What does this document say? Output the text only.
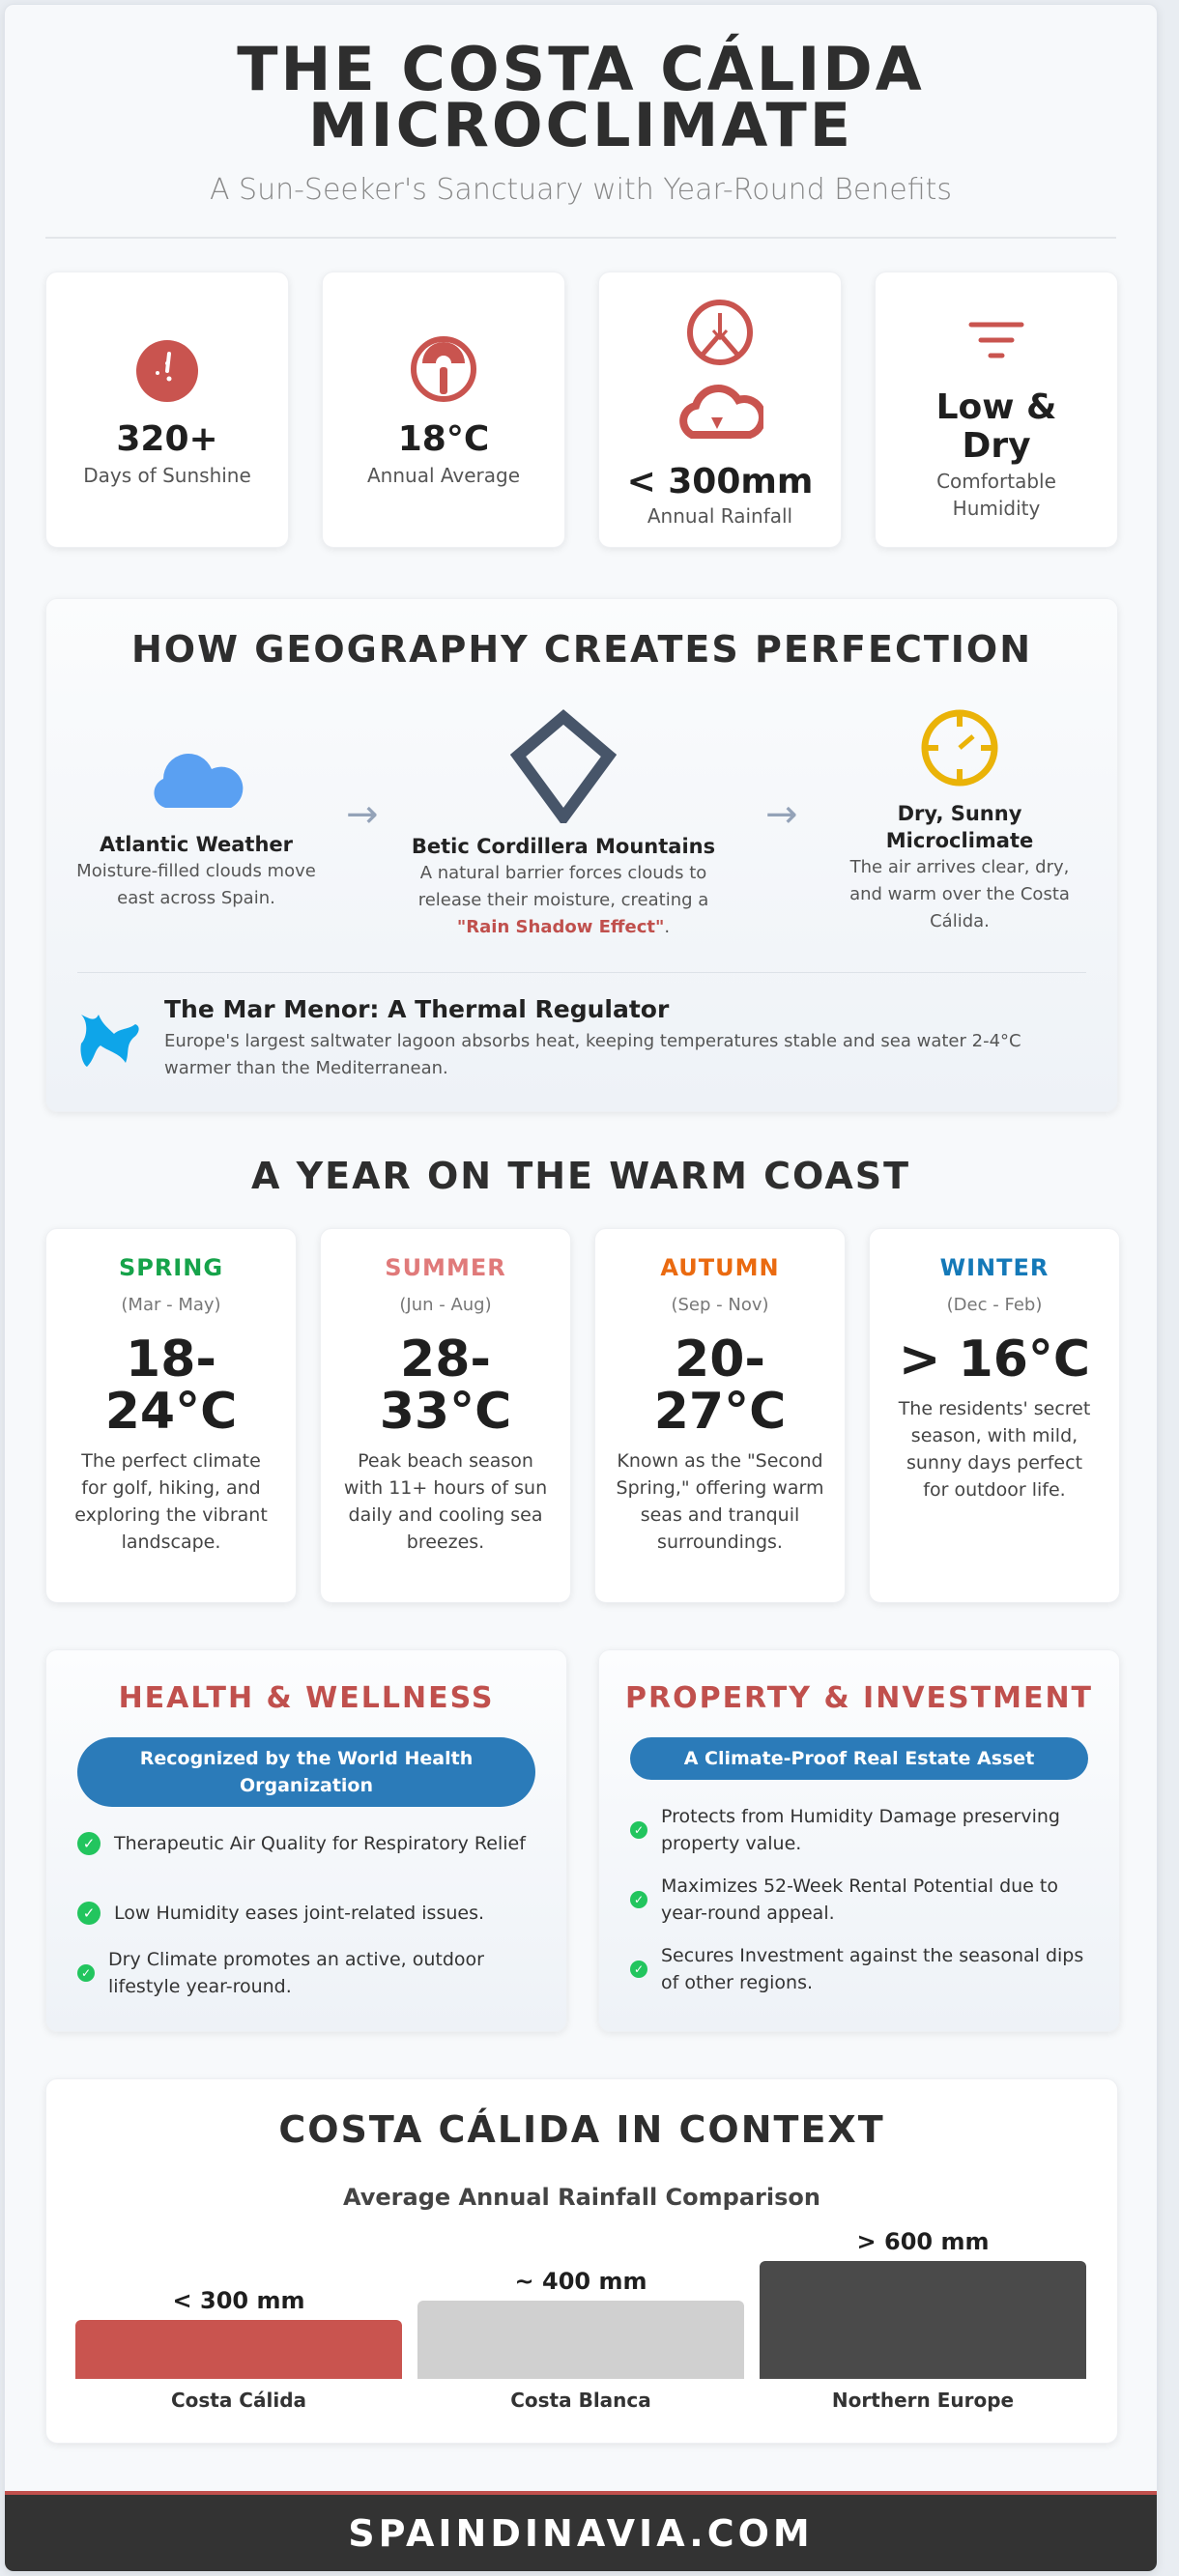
THE COSTA CÁLIDA
MICROCLIMATE
A Sun-Seeker's Sanctuary with Year-Round Benefits
320+
Days of Sunshine
18°C
Annual Average	< 300mm
Annual Rainfall
Low &
Dry
Comfortable
Humidity
HOW GEOGRAPHY CREATES PERFECTION
Atlantic Weather
Moisture-filled clouds move
east across Spain.
→
Betic Cordillera Mountains
A natural barrier forces clouds to
release their moisture, creating a
"Rain Shadow Effect".
→	Dry, Sunny
Microclimate
The air arrives clear, dry,
and warm over the Costa
Cálida.
The Mar Menor: A Thermal Regulator
Europe's largest saltwater lagoon absorbs heat, keeping temperatures stable and sea water 2-4°C warmer than the Mediterranean.
A YEAR ON THE WARM COAST
SPRING
(Mar - May)
18-
24°C
The perfect climate for golf, hiking, and exploring the vibrant landscape.
SUMMER
(Jun - Aug)
28-
33°C
Peak beach season with 11+ hours of sun daily and cooling sea breezes.
AUTUMN
(Sep - Nov)
20-
27°C
Known as the "Second Spring," offering warm seas and tranquil surroundings.
WINTER
(Dec - Feb)
> 16°C
The residents' secret season, with mild, sunny days perfect for outdoor life.
HEALTH & WELLNESS
Recognized by the World Health Organization
✓	Therapeutic Air Quality for Respiratory Relief
✓	Low Humidity eases joint-related issues.
✓
Dry Climate promotes an active, outdoor lifestyle year-round.
PROPERTY & INVESTMENT
A Climate-Proof Real Estate Asset
✓
Protects from Humidity Damage preserving property value.
✓
Maximizes 52-Week Rental Potential due to year-round appeal.
✓
Secures Investment against the seasonal dips of other regions.
COSTA CÁLIDA IN CONTEXT
Average Annual Rainfall Comparison
< 300 mm
Costa Cálida
~ 400 mm
Costa Blanca
> 600 mm
Northern Europe
SPAINDINAVIA.COM
